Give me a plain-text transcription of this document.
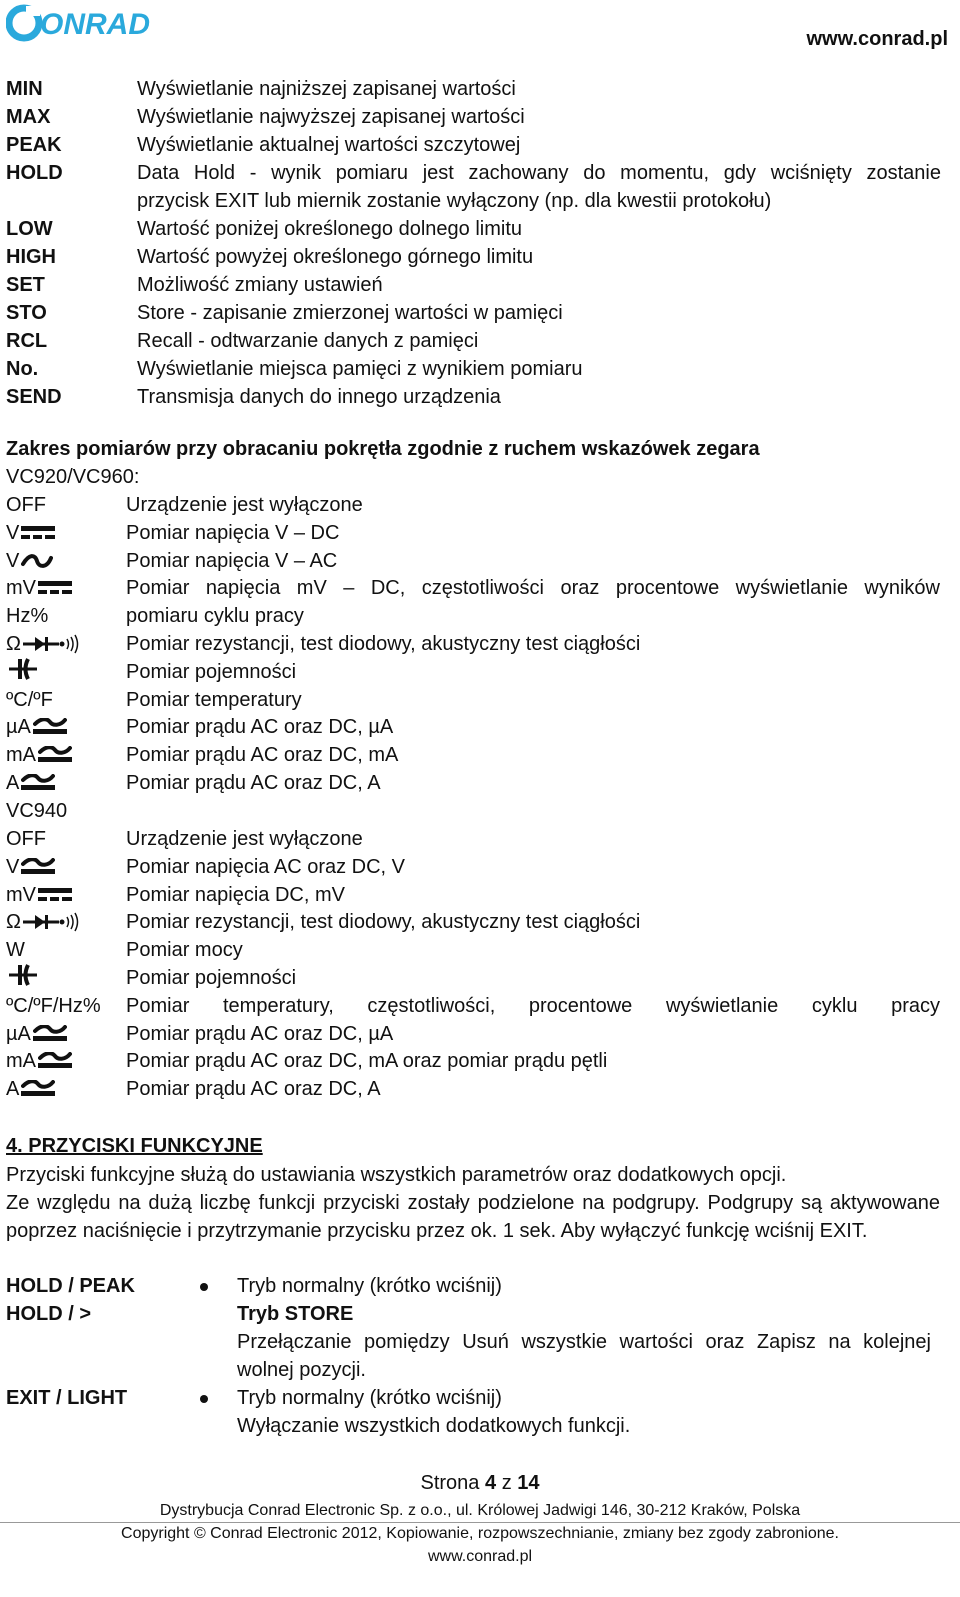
ONRAD	www.conrad.pl
MIN	Wyświetlanie najniższej zapisanej wartości
MAX	Wyświetlanie najwyższej zapisanej wartości
PEAK	Wyświetlanie aktualnej wartości szczytowej
HOLD	Data Hold - wynik pomiaru jest zachowany do momentu, gdy wciśnięty zostanie
przycisk EXIT lub miernik zostanie wyłączony (np. dla kwestii protokołu)
LOW	Wartość poniżej określonego dolnego limitu
HIGH	Wartość powyżej określonego górnego limitu
SET	Możliwość zmiany ustawień
STO	Store - zapisanie zmierzonej wartości w pamięci
RCL	Recall - odtwarzanie danych z pamięci
No.	Wyświetlanie miejsca pamięci z wynikiem pomiaru
SEND	Transmisja danych do innego urządzenia
Zakres pomiarów przy obracaniu pokrętła zgodnie z ruchem wskazówek zegara
VC920/VC960:
OFF	Urządzenie jest wyłączone
V	Pomiar napięcia V – DC
V	Pomiar napięcia V – AC
mV	Pomiar napięcia mV – DC, częstotliwości oraz procentowe wyświetlanie wyników
Hz%	pomiaru cyklu pracy
Ω	Pomiar rezystancji, test diodowy, akustyczny test ciągłości
Pomiar pojemności
ºC/ºF	Pomiar temperatury
µA	Pomiar prądu AC oraz DC, µA
mA	Pomiar prądu AC oraz DC, mA
A	Pomiar prądu AC oraz DC, A
VC940
OFF	Urządzenie jest wyłączone
V	Pomiar napięcia AC oraz DC, V
mV	Pomiar napięcia DC, mV
Ω	Pomiar rezystancji, test diodowy, akustyczny test ciągłości
W	Pomiar mocy
Pomiar pojemności
ºC/ºF/Hz% Pomiar temperatury, częstotliwości, procentowe wyświetlanie cyklu pracy
µA	Pomiar prądu AC oraz DC, µA
mA	Pomiar prądu AC oraz DC, mA oraz pomiar prądu pętli
A	Pomiar prądu AC oraz DC, A
4. PRZYCISKI FUNKCYJNE
Przyciski funkcyjne służą do ustawiania wszystkich parametrów oraz dodatkowych opcji.
Ze względu na dużą liczbę funkcji przyciski zostały podzielone na podgrupy. Podgrupy są aktywowane
poprzez naciśnięcie i przytrzymanie przycisku przez ok. 1 sek. Aby wyłączyć funkcję wciśnij EXIT.
HOLD / PEAK	Tryb normalny (krótko wciśnij)
HOLD / >	Tryb STORE
Przełączanie pomiędzy Usuń wszystkie wartości oraz Zapisz na kolejnej
wolnej pozycji.
EXIT / LIGHT	Tryb normalny (krótko wciśnij)
Wyłączanie wszystkich dodatkowych funkcji.
Strona 4 z 14
Dystrybucja Conrad Electronic Sp. z o.o., ul. Królowej Jadwigi 146, 30-212 Kraków, Polska
Copyright © Conrad Electronic 2012, Kopiowanie, rozpowszechnianie, zmiany bez zgody zabronione.
www.conrad.pl
